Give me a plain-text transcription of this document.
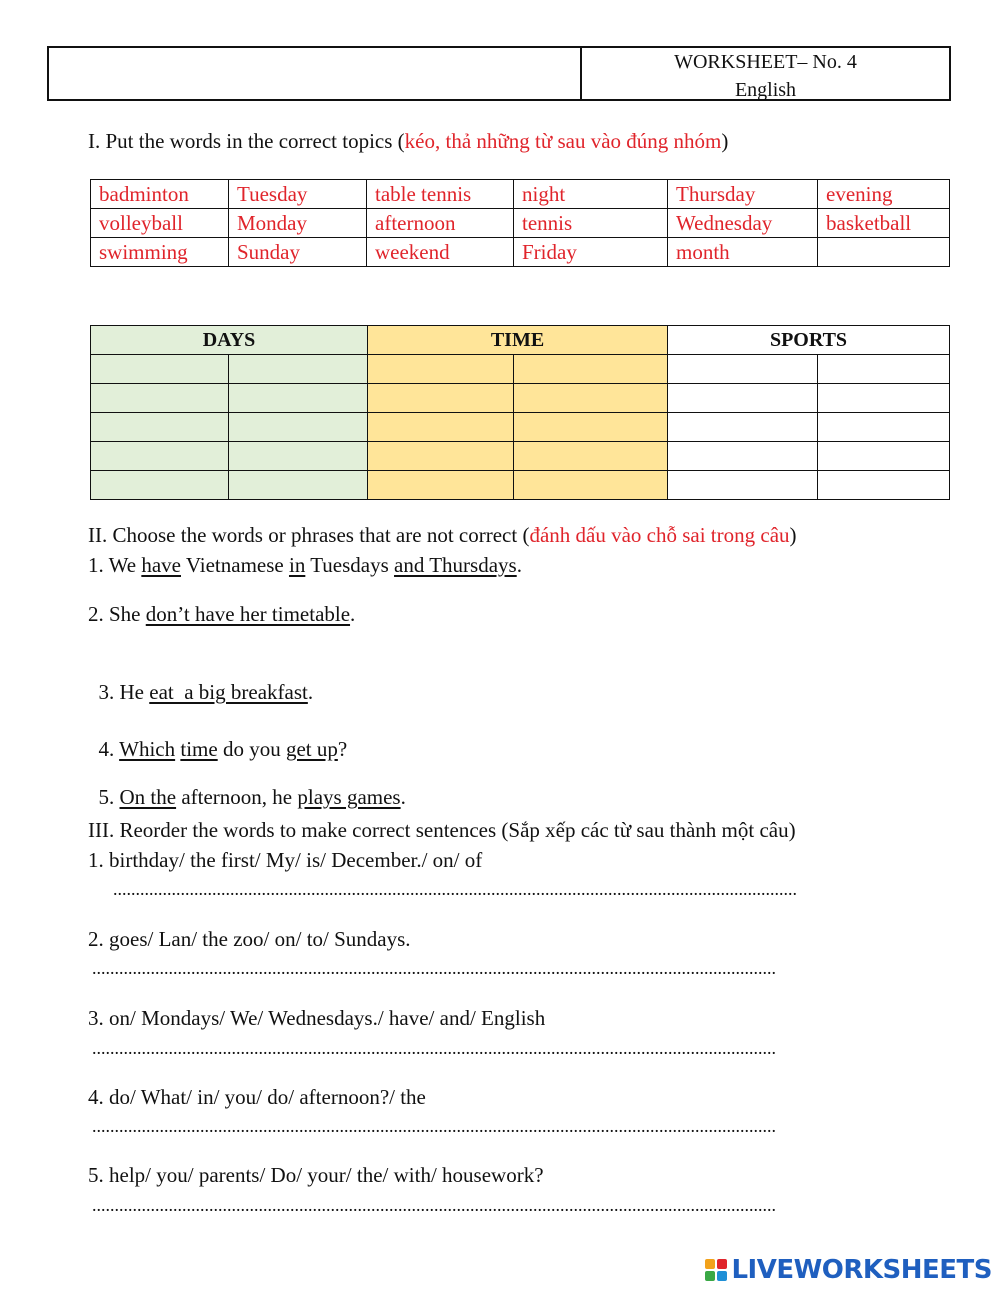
WORKSHEET– No. 4
English
I. Put the words in the correct topics (kéo, thả những từ sau vào đúng nhóm)
badminton	Tuesday	table tennis	night	Thursday	evening
volleyball	Monday	afternoon	tennis	Wednesday	basketball
swimming	Sunday	weekend	Friday	month	
DAYS		TIME		SPORTS	

II. Choose the words or phrases that are not correct (đánh dấu vào chỗ sai trong câu)
1. We have Vietnamese in Tuesdays and Thursdays.
2. She don’t have her timetable.

3. He eat  a big breakfast.

4. Which time do you get up?

5. On the afternoon, he plays games.

III. Reorder the words to make correct sentences (Sắp xếp các từ sau thành một câu)
1. birthday/ the first/ My/ is/ December./ on/ of
........................................................................................................................................................
2. goes/ Lan/ the zoo/ on/ to/ Sundays.
........................................................................................................................................................
3. on/ Mondays/ We/ Wednesdays./ have/ and/ English
........................................................................................................................................................
4. do/ What/ in/ you/ do/ afternoon?/ the
........................................................................................................................................................
5. help/ you/ parents/ Do/ your/ the/ with/ housework?
........................................................................................................................................................
LIVEWORKSHEETS
